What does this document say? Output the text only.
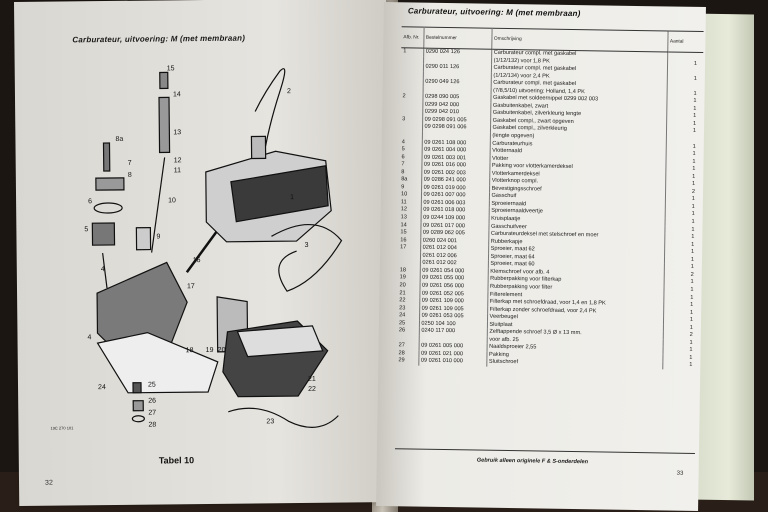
Carburateur, uitvoering: M (met membraan)
15
14
13
12
11
10
9
2
1
3
8a
7
8
6
5
4
16
17
4
18 19 20
21
22
23
24	25
26
27
28
19C 270 101
Tabel 10
32
Carburateur, uitvoering: M (met membraan)
Afb. Nr.	Bestelnummer	Omschrijving	Aantal
1	0290 024 126	Carburateur compl. met gaskabel	
		(1/12/132) voor 1,8 PK	1
	0290 011 126	Carburateur compl. met gaskabel	
		(1/12/134) voor 2,4 PK	1
	0290 049 126	Carburateur compl. met gaskabel	
		(7/8,5/10) uitvoering: Holland, 1,4 PK	1
2	0298 090 005	Gaskabel met soldeernippel 0299 002 003	1
	0299 042 000	Gasbuitenkabel, zwart	1
	0299 042 010	Gasbuitenkabel, zilverkleurig lengte	1
3	09 0298 091 005	Gaskabel compl., zwart opgeven	1
	09 0298 091 006	Gaskabel compl., zilverkleurig	1
		(lengte opgeven)	
4	09 0261 108 000	Carburateurhuis	1
5	09 0261 004 000	Vlotternaald	1
6	09 0261 003 001	Vlotter	1
7	09 0261 016 000	Pakking voor vlotterkamerdeksel	1
8	09 0261 002 003	Vlotterkamerdeksel	1
8a	09 0286 241 000	Vlotterknop compl.	1
9	09 0261 019 000	Bevestigingsschroef	2
10	09 0261 007 000	Gasschuif	1
11	09 0261 006 003	Sproeiernaald	1
12	09 0261 018 000	Sproeiernaaldveertje	1
13	09 0244 109 000	Kruisplaatje	1
14	09 0261 017 000	Gasschuifveer	1
15	09 0289 062 005	Carburateurdeksel met stelschroef en moer	1
16	0260 024 001	Rubberkapje	1
17	0261 012 004	Sproeier, maat 62	1
	0261 012 006	Sproeier, maat 64	1
	0261 012 002	Sproeier, maat 60	1
18	09 0261 054 000	Klemschroef voor afb. 4	2
19	09 0261 055 000	Rubberpakking voor filterkap	1
20	09 0261 056 000	Rubberpakking voor filter	1
21	09 0261 052 005	Filterelement	1
22	09 0261 109 000	Filterkap met schroefdraad, voor 1,4 en 1,8 PK	1
23	09 0261 109 005	Filterkap zonder schroefdraad, voor 2,4 PK	1
24	09 0261 053 005	Veerbeugel	1
25	0250 104 100	Sluitplaat	1
26	0240 117 000	Zelftappende schroef 3,5 Ø x 13 mm.	2
		voor afb. 25	1
27	09 0261 005 000	Naaldsproeier 2,55	1
28	09 0261 021 000	Pakking	1
29	09 0261 010 000	Sluitschroef	1
Gebruik alleen originele F & S-onderdelen
33
